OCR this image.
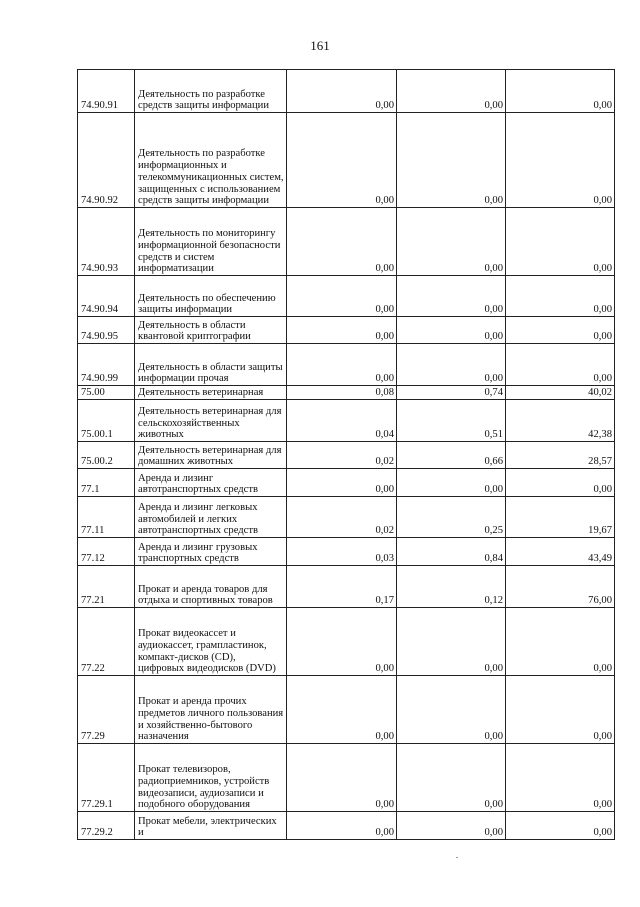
161
74.90.91	Деятельность по разработке средств защиты информации	0,00	0,00	0,00
74.90.92	Деятельность по разработке информационных и телекоммуникационных систем, защищенных с использованием средств защиты информации	0,00	0,00	0,00
74.90.93	Деятельность по мониторингу информационной безопасности средств и систем информатизации	0,00	0,00	0,00
74.90.94	Деятельность по обеспечению защиты информации	0,00	0,00	0,00
74.90.95	Деятельность в области квантовой криптографии	0,00	0,00	0,00
74.90.99	Деятельность в области защиты информации прочая	0,00	0,00	0,00
75.00	Деятельность ветеринарная	0,08	0,74	40,02
75.00.1	Деятельность ветеринарная для сельскохозяйственных животных	0,04	0,51	42,38
75.00.2	Деятельность ветеринарная для домашних животных	0,02	0,66	28,57
77.1	Аренда и лизинг автотранспортных средств	0,00	0,00	0,00
77.11	Аренда и лизинг легковых автомобилей и легких автотранспортных средств	0,02	0,25	19,67
77.12	Аренда и лизинг грузовых транспортных средств	0,03	0,84	43,49
77.21	Прокат и аренда товаров для отдыха и спортивных товаров	0,17	0,12	76,00
77.22	Прокат видеокассет и аудиокассет, грампластинок, компакт-дисков (CD), цифровых видеодисков (DVD)	0,00	0,00	0,00
77.29	Прокат и аренда прочих предметов личного пользования и хозяйственно-бытового назначения	0,00	0,00	0,00
77.29.1	Прокат телевизоров, радиоприемников, устройств видеозаписи, аудиозаписи и подобного оборудования	0,00	0,00	0,00
77.29.2	Прокат мебели, электрических и	0,00	0,00	0,00
